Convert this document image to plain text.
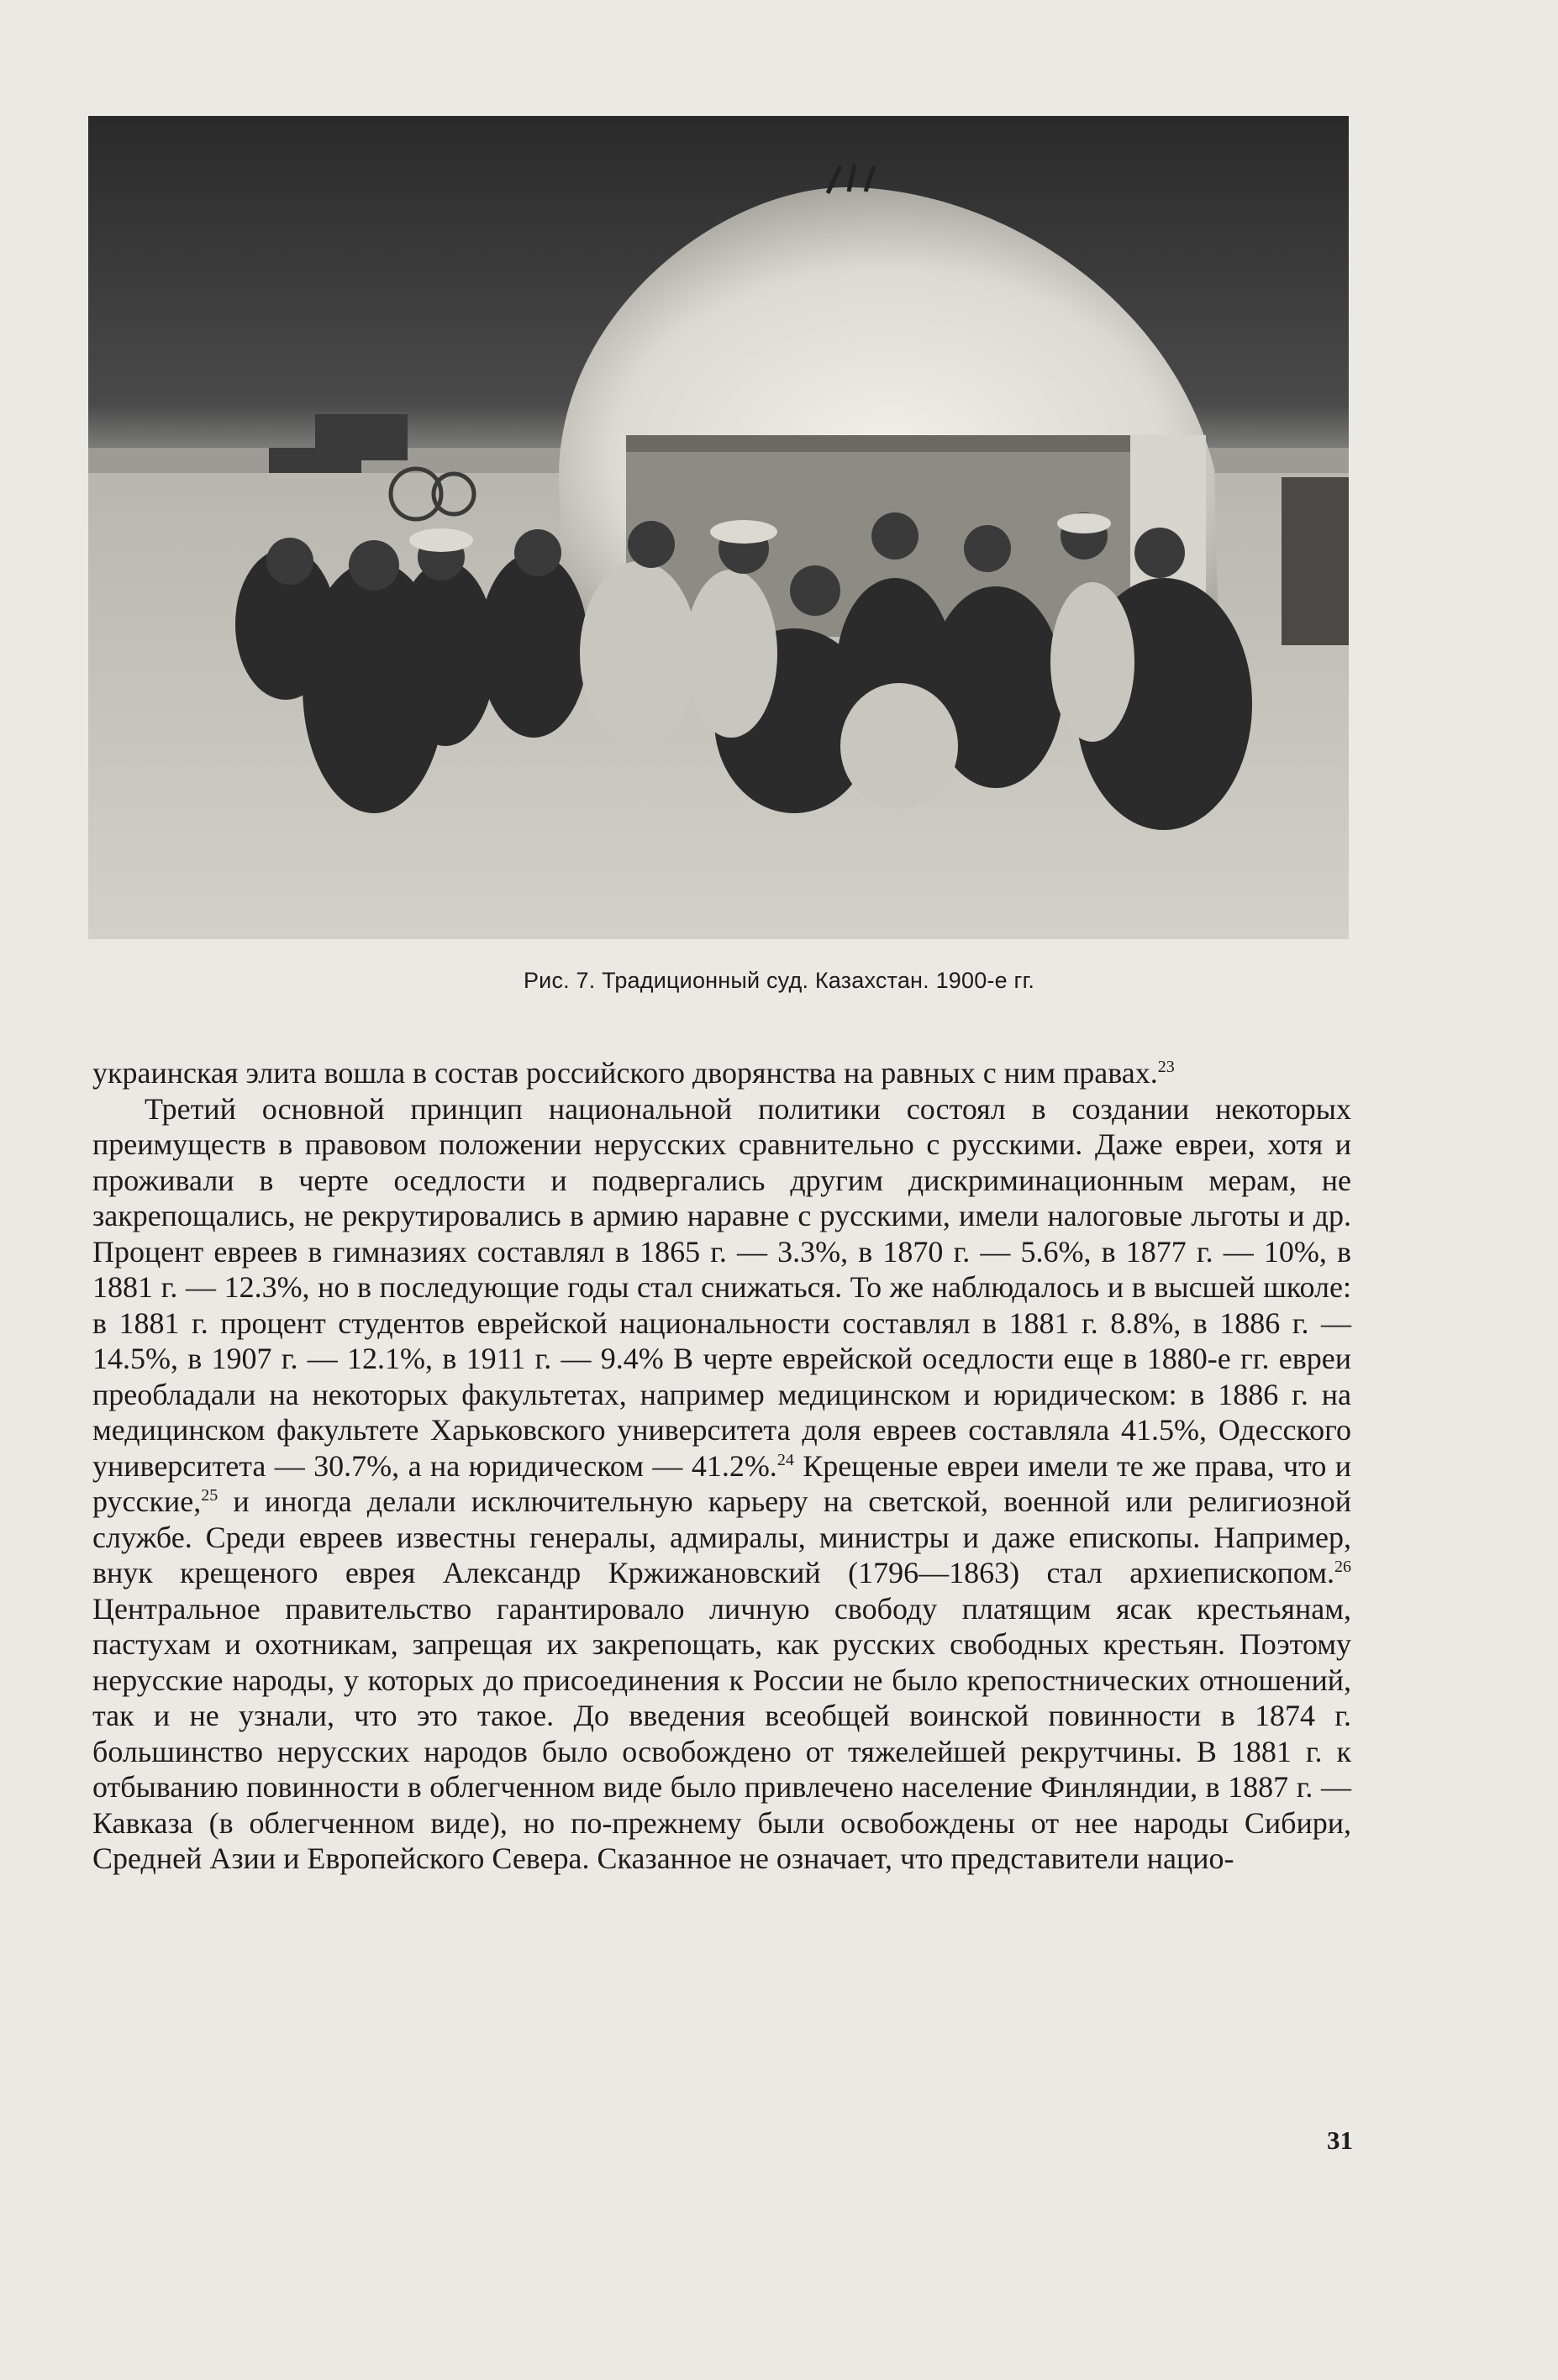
Рис. 7. Традиционный суд. Казахстан. 1900-е гг.

украинская элита вошла в состав российского дворянства на равных с ним правах.$^{23}$

Третий основной принцип национальной политики состоял в создании некоторых преимуществ в правовом положении нерусских сравнительно с русскими. Даже евреи, хотя и проживали в черте оседлости и подвергались другим дискриминационным мерам, не закрепощались, не рекрутировались в армию наравне с русскими, имели налоговые льготы и др. Процент евреев в гимназиях составлял в 1865 г. — 3.3%, в 1870 г. — 5.6%, в 1877 г. — 10%, в 1881 г. — 12.3%, но в последующие годы стал снижаться. То же наблюдалось и в высшей школе: в 1881 г. процент студентов еврейской национальности составлял в 1881 г. 8.8%, в 1886 г. — 14.5%, в 1907 г. — 12.1%, в 1911 г. — 9.4% В черте еврейской оседлости еще в 1880-е гг. евреи преобладали на некоторых факультетах, например медицинском и юридическом: в 1886 г. на медицинском факультете Харьковского университета доля евреев составляла 41.5%, Одесского университета — 30.7%, а на юридическом — 41.2%.$^{24}$ Крещеные евреи имели те же права, что и русские,$^{25}$ и иногда делали исключительную карьеру на светской, военной или религиозной службе. Среди евреев известны генералы, адмиралы, министры и даже епископы. Например, внук крещеного еврея Александр Кржижановский (1796—1863) стал архиепископом.$^{26}$ Центральное правительство гарантировало личную свободу платящим ясак крестьянам, пастухам и охотникам, запрещая их закрепощать, как русских свободных крестьян. Поэтому нерусские народы, у которых до присоединения к России не было крепостнических отношений, так и не узнали, что это такое. До введения всеобщей воинской повинности в 1874 г. большинство нерусских народов было освобождено от тяжелейшей рекрутчины. В 1881 г. к отбыванию повинности в облегченном виде было привлечено население Финляндии, в 1887 г. — Кавказа (в облегченном виде), но по-прежнему были освобождены от нее народы Сибири, Средней Азии и Европейского Севера. Сказанное не означает, что представители нацио-

31
